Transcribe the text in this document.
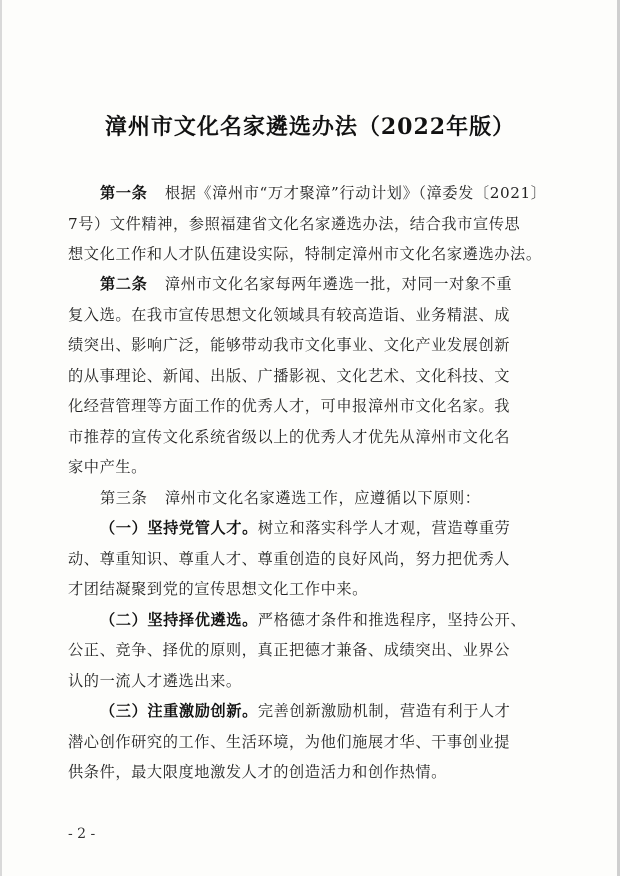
漳州市文化名家遴选办法（2022年版）
第一条 根据《漳州市“万才聚漳”行动计划》（漳委发〔2021〕
7号）文件精神，参照福建省文化名家遴选办法，结合我市宣传思
想文化工作和人才队伍建设实际，特制定漳州市文化名家遴选办法。
第二条 漳州市文化名家每两年遴选一批，对同一对象不重
复入选。在我市宣传思想文化领域具有较高造诣、业务精湛、成
绩突出、影响广泛，能够带动我市文化事业、文化产业发展创新
的从事理论、新闻、出版、广播影视、文化艺术、文化科技、文
化经营管理等方面工作的优秀人才，可申报漳州市文化名家。我
市推荐的宣传文化系统省级以上的优秀人才优先从漳州市文化名
家中产生。
第三条 漳州市文化名家遴选工作，应遵循以下原则：
（一）坚持党管人才。树立和落实科学人才观，营造尊重劳
动、尊重知识、尊重人才、尊重创造的良好风尚，努力把优秀人
才团结凝聚到党的宣传思想文化工作中来。
（二）坚持择优遴选。严格德才条件和推选程序，坚持公开、
公正、竞争、择优的原则，真正把德才兼备、成绩突出、业界公
认的一流人才遴选出来。
（三）注重激励创新。完善创新激励机制，营造有利于人才
潜心创作研究的工作、生活环境，为他们施展才华、干事创业提
供条件，最大限度地激发人才的创造活力和创作热情。
- 2 -
